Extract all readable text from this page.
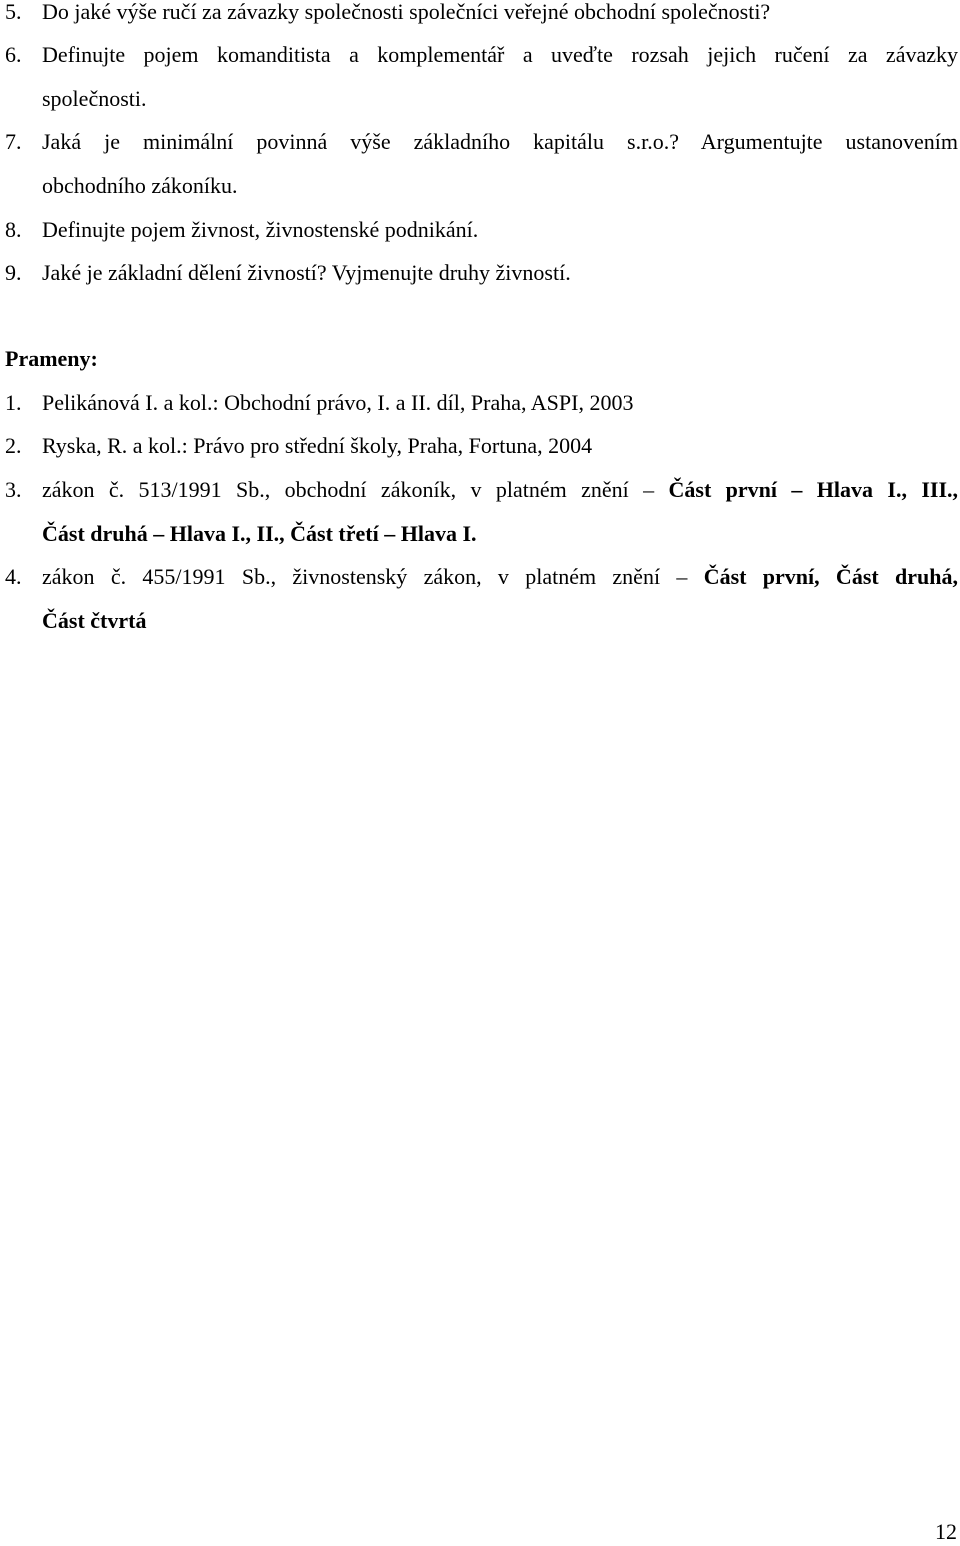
5. Do jaké výše ručí za závazky společnosti společníci veřejné obchodní společnosti?
6. Definujte pojem komanditista a komplementář a uveďte rozsah jejich ručení za závazky
společnosti.
7. Jaká je minimální povinná výše základního kapitálu s.r.o.? Argumentujte ustanovením
obchodního zákoníku.
8. Definujte pojem živnost, živnostenské podnikání.
9. Jaké je základní dělení živností? Vyjmenujte druhy živností.
Prameny:
1. Pelikánová I. a kol.: Obchodní právo, I. a II. díl, Praha, ASPI, 2003
2. Ryska, R. a kol.: Právo pro střední školy, Praha, Fortuna, 2004
3. zákon č. 513/1991 Sb., obchodní zákoník, v platném znění – Část první – Hlava I., III.,
Část druhá – Hlava I., II., Část třetí – Hlava I.
4. zákon č. 455/1991 Sb., živnostenský zákon, v platném znění – Část první, Část druhá,
Část čtvrtá
12
